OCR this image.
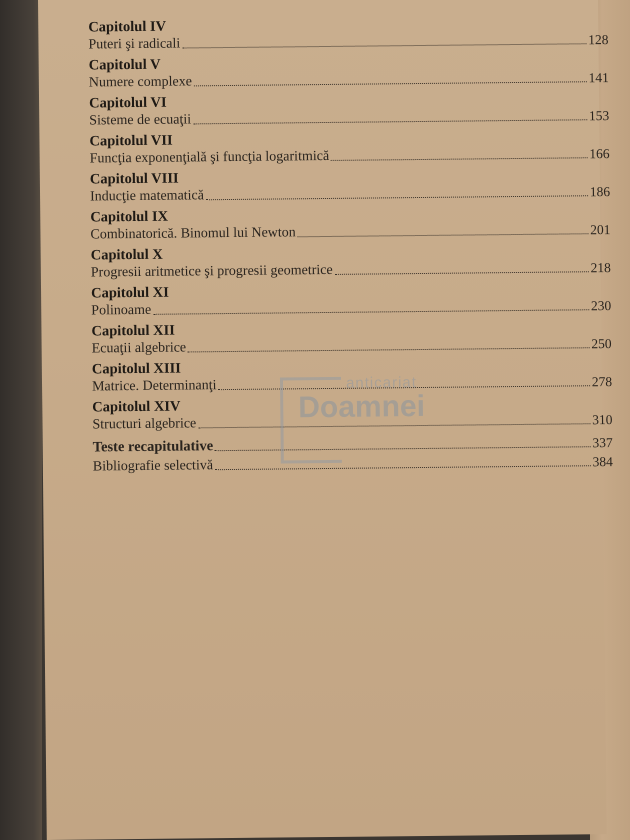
Capitolul IV
Puteri şi radicali	128
Capitolul V
Numere complexe	141
Capitolul VI
Sisteme de ecuaţii	153
Capitolul VII
Funcţia exponenţială şi funcţia logaritmică	166
Capitolul VIII
Inducţie matematică	186
Capitolul IX
Combinatorică. Binomul lui Newton	201
Capitolul X
Progresii aritmetice şi progresii geometrice	218
Capitolul XI
Polinoame	230
Capitolul XII
Ecuaţii algebrice	250
Capitolul XIII
Matrice. Determinanţi	278
Capitolul XIV
Structuri algebrice	310
Teste recapitulative	337
Bibliografie selectivă	384
anticariat
Doamnei
